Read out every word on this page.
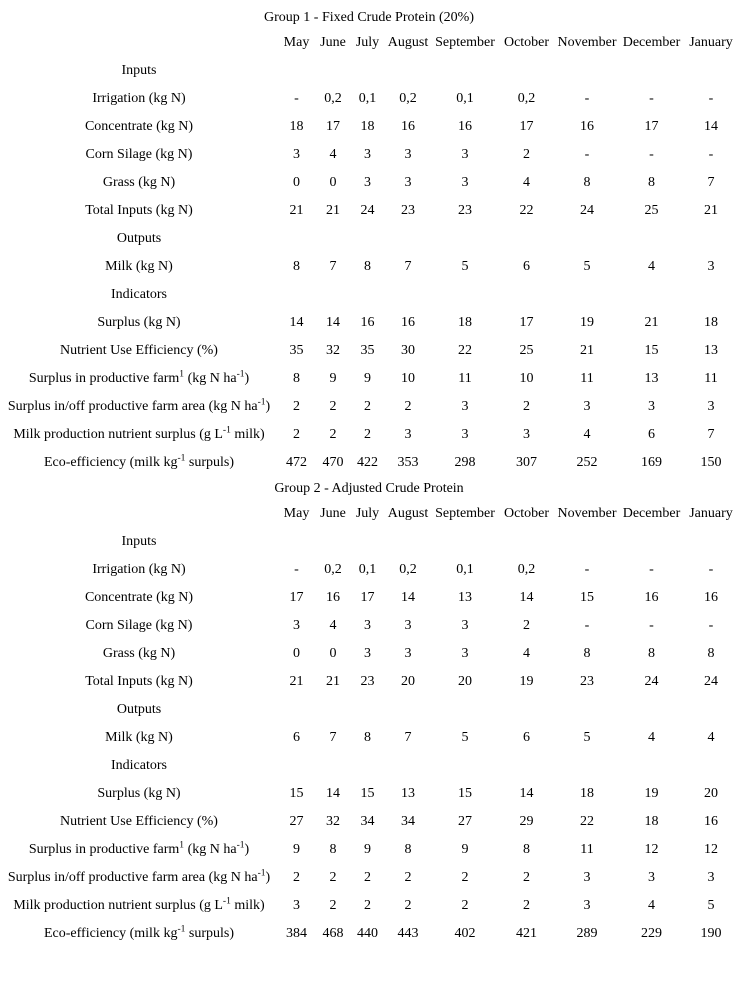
Group 1 - Fixed Crude Protein (20%)
	May	June	July	August	September	October	November	December	January
Inputs									
Irrigation (kg N)	-	0,2	0,1	0,2	0,1	0,2	-	-	-
Concentrate (kg N)	18	17	18	16	16	17	16	17	14
Corn Silage (kg N)	3	4	3	3	3	2	-	-	-
Grass (kg N)	0	0	3	3	3	4	8	8	7
Total Inputs (kg N)	21	21	24	23	23	22	24	25	21
Outputs									
Milk (kg N)	8	7	8	7	5	6	5	4	3
Indicators									
Surplus (kg N)	14	14	16	16	18	17	19	21	18
Nutrient Use Efficiency (%)	35	32	35	30	22	25	21	15	13
Surplus in productive farm$^1$ (kg N $ha^{-1}$)	8	9	9	10	11	10	11	13	11
Surplus in/off productive farm area (kg N $ha^{-1}$)	2	2	2	2	3	2	3	3	3
Milk production nutrient surplus (g $L^{-1}$ milk)	2	2	2	3	3	3	4	6	7
Eco-efficiency (milk $kg^{-1}$ surpuls)	472	470	422	353	298	307	252	169	150
Group 2 - Adjusted Crude Protein
	May	June	July	August	September	October	November	December	January
Inputs									
Irrigation (kg N)	-	0,2	0,1	0,2	0,1	0,2	-	-	-
Concentrate (kg N)	17	16	17	14	13	14	15	16	16
Corn Silage (kg N)	3	4	3	3	3	2	-	-	-
Grass (kg N)	0	0	3	3	3	4	8	8	8
Total Inputs (kg N)	21	21	23	20	20	19	23	24	24
Outputs									
Milk (kg N)	6	7	8	7	5	6	5	4	4
Indicators									
Surplus (kg N)	15	14	15	13	15	14	18	19	20
Nutrient Use Efficiency (%)	27	32	34	34	27	29	22	18	16
Surplus in productive farm$^1$ (kg N $ha^{-1}$)	9	8	9	8	9	8	11	12	12
Surplus in/off productive farm area (kg N $ha^{-1}$)	2	2	2	2	2	2	3	3	3
Milk production nutrient surplus (g $L^{-1}$ milk)	3	2	2	2	2	2	3	4	5
Eco-efficiency (milk $kg^{-1}$ surpuls)	384	468	440	443	402	421	289	229	190
